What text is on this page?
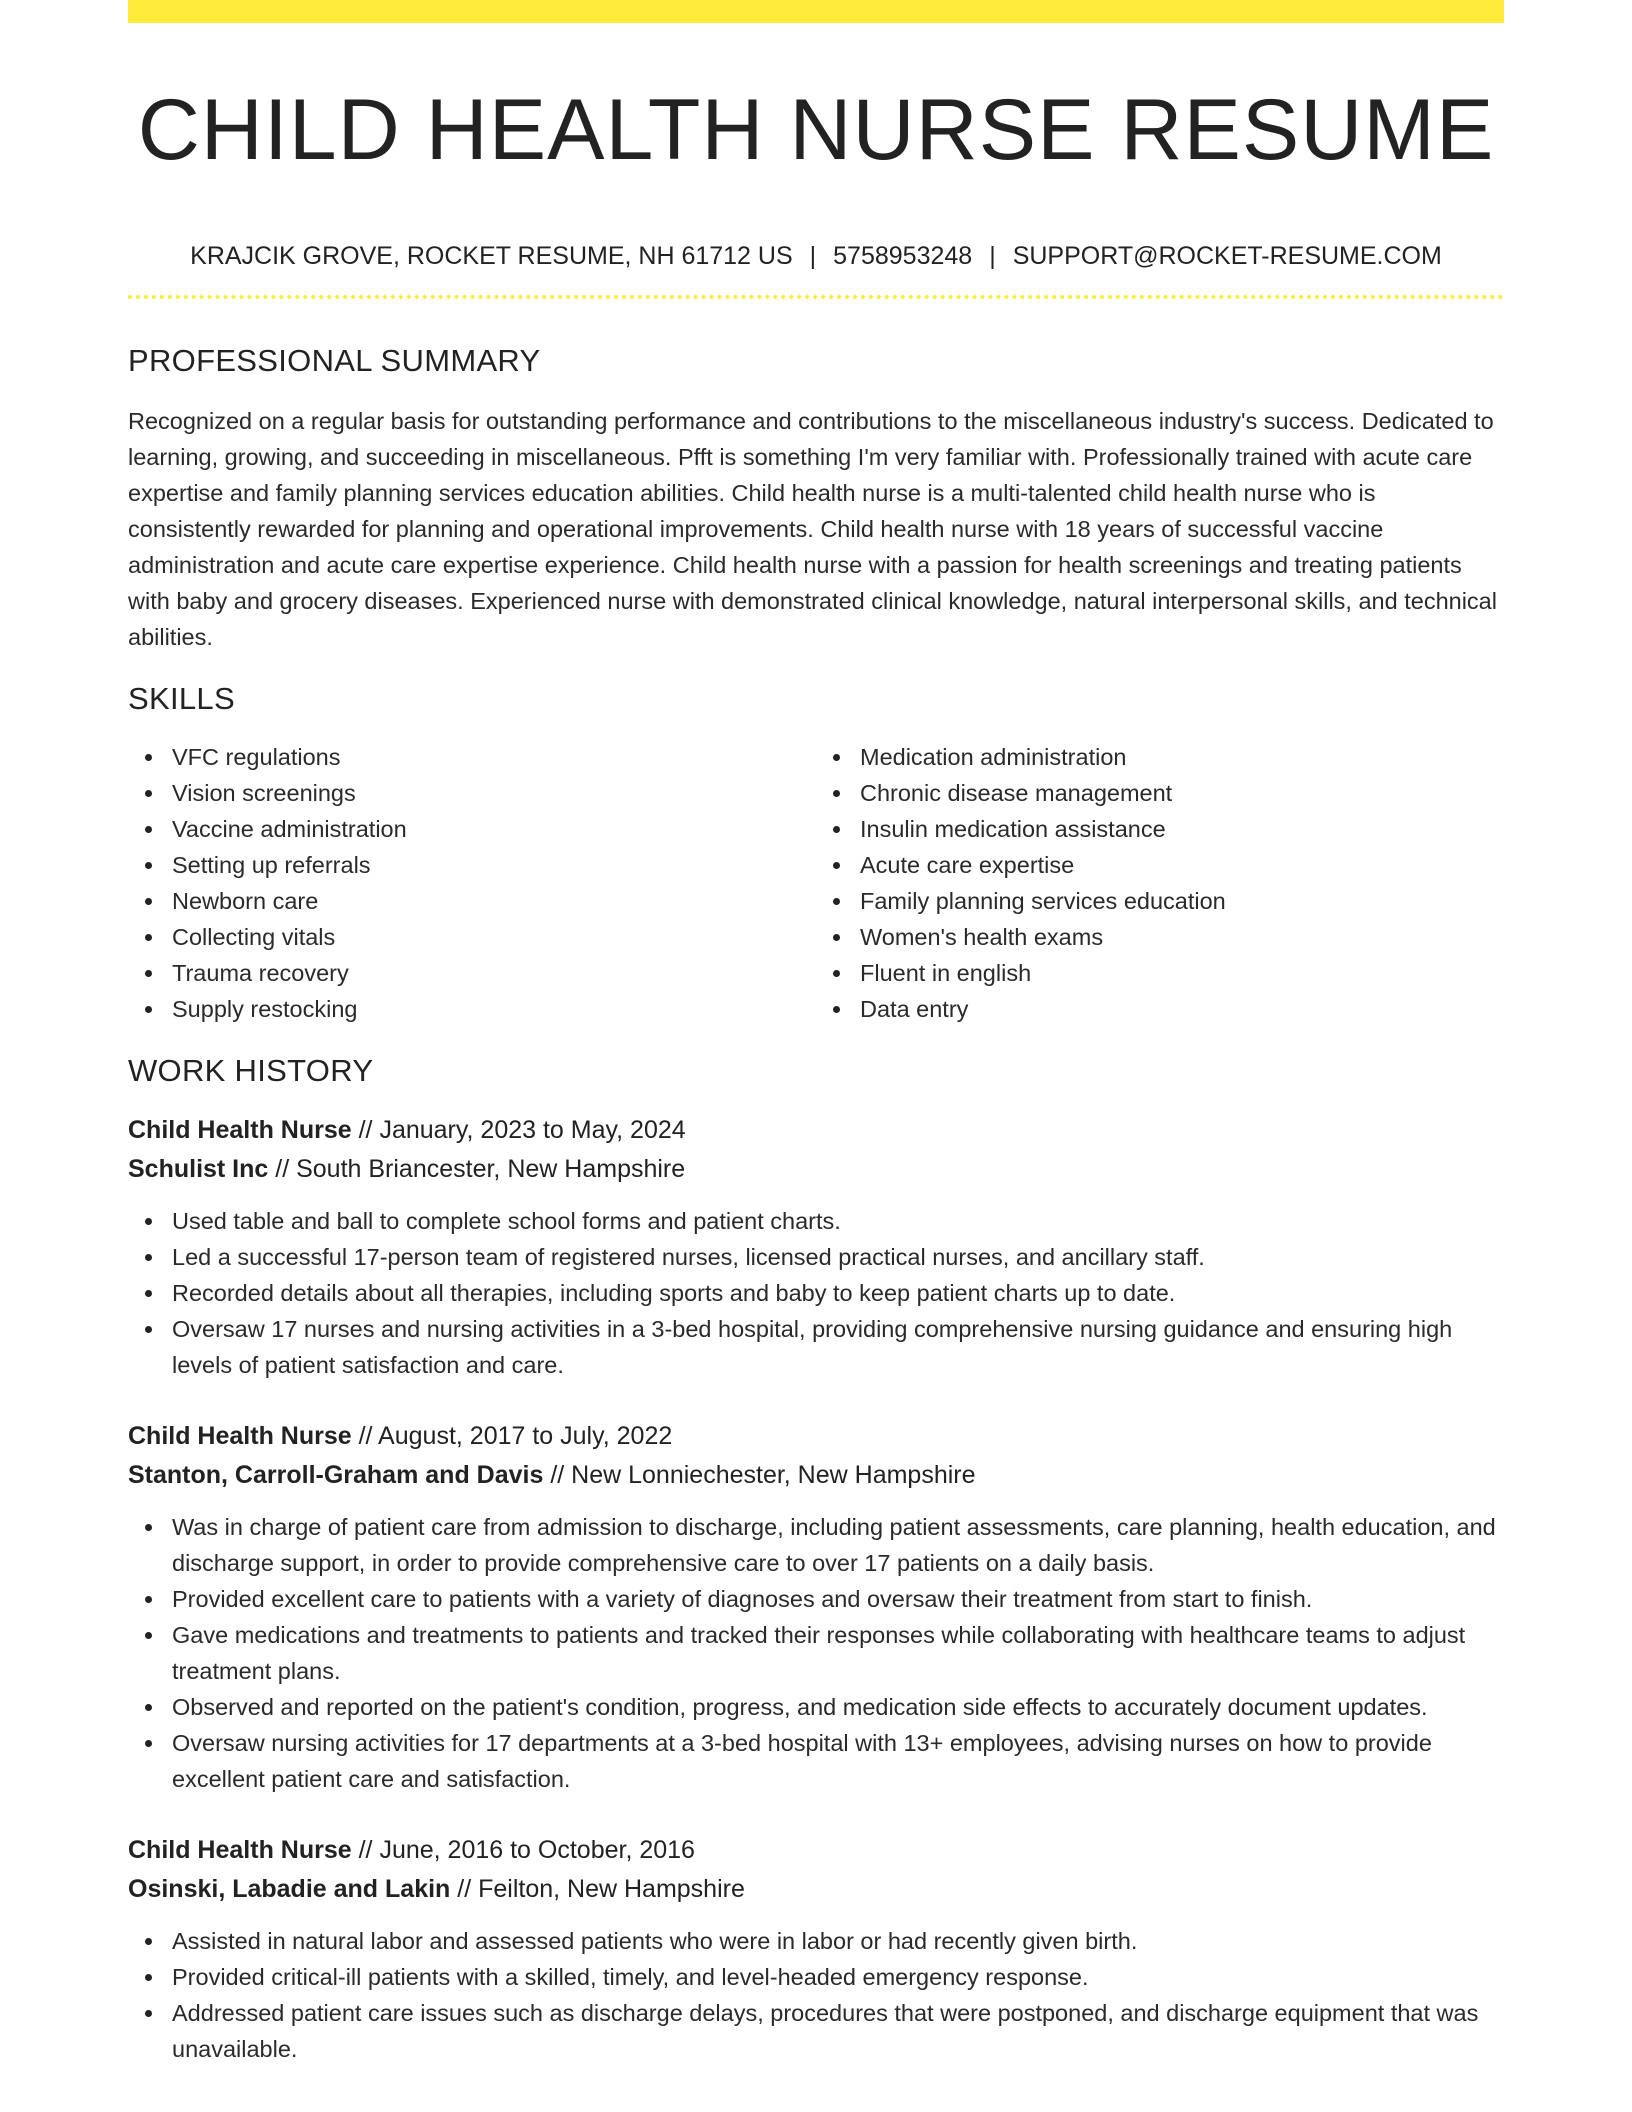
CHILD HEALTH NURSE RESUME
KRAJCIK GROVE, ROCKET RESUME, NH 61712 US | 5758953248 | SUPPORT@ROCKET-RESUME.COM
PROFESSIONAL SUMMARY

Recognized on a regular basis for outstanding performance and contributions to the miscellaneous industry's success. Dedicated to learning, growing, and succeeding in miscellaneous. Pfft is something I'm very familiar with. Professionally trained with acute care expertise and family planning services education abilities. Child health nurse is a multi-talented child health nurse who is consistently rewarded for planning and operational improvements. Child health nurse with 18 years of successful vaccine administration and acute care expertise experience. Child health nurse with a passion for health screenings and treating patients with baby and grocery diseases. Experienced nurse with demonstrated clinical knowledge, natural interpersonal skills, and technical abilities.

SKILLS
VFC regulations
Vision screenings
Vaccine administration
Setting up referrals
Newborn care
Collecting vitals
Trauma recovery
Supply restocking
Medication administration
Chronic disease management
Insulin medication assistance
Acute care expertise
Family planning services education
Women's health exams
Fluent in english
Data entry
WORK HISTORY
Child Health Nurse // January, 2023 to May, 2024
Schulist Inc // South Briancester, New Hampshire
Used table and ball to complete school forms and patient charts.
Led a successful 17-person team of registered nurses, licensed practical nurses, and ancillary staff.
Recorded details about all therapies, including sports and baby to keep patient charts up to date.
Oversaw 17 nurses and nursing activities in a 3-bed hospital, providing comprehensive nursing guidance and ensuring high levels of patient satisfaction and care.
Child Health Nurse // August, 2017 to July, 2022
Stanton, Carroll-Graham and Davis // New Lonniechester, New Hampshire
Was in charge of patient care from admission to discharge, including patient assessments, care planning, health education, and discharge support, in order to provide comprehensive care to over 17 patients on a daily basis.
Provided excellent care to patients with a variety of diagnoses and oversaw their treatment from start to finish.
Gave medications and treatments to patients and tracked their responses while collaborating with healthcare teams to adjust treatment plans.
Observed and reported on the patient's condition, progress, and medication side effects to accurately document updates.
Oversaw nursing activities for 17 departments at a 3-bed hospital with 13+ employees, advising nurses on how to provide excellent patient care and satisfaction.
Child Health Nurse // June, 2016 to October, 2016
Osinski, Labadie and Lakin // Feilton, New Hampshire
Assisted in natural labor and assessed patients who were in labor or had recently given birth.
Provided critical-ill patients with a skilled, timely, and level-headed emergency response.
Addressed patient care issues such as discharge delays, procedures that were postponed, and discharge equipment that was unavailable.
